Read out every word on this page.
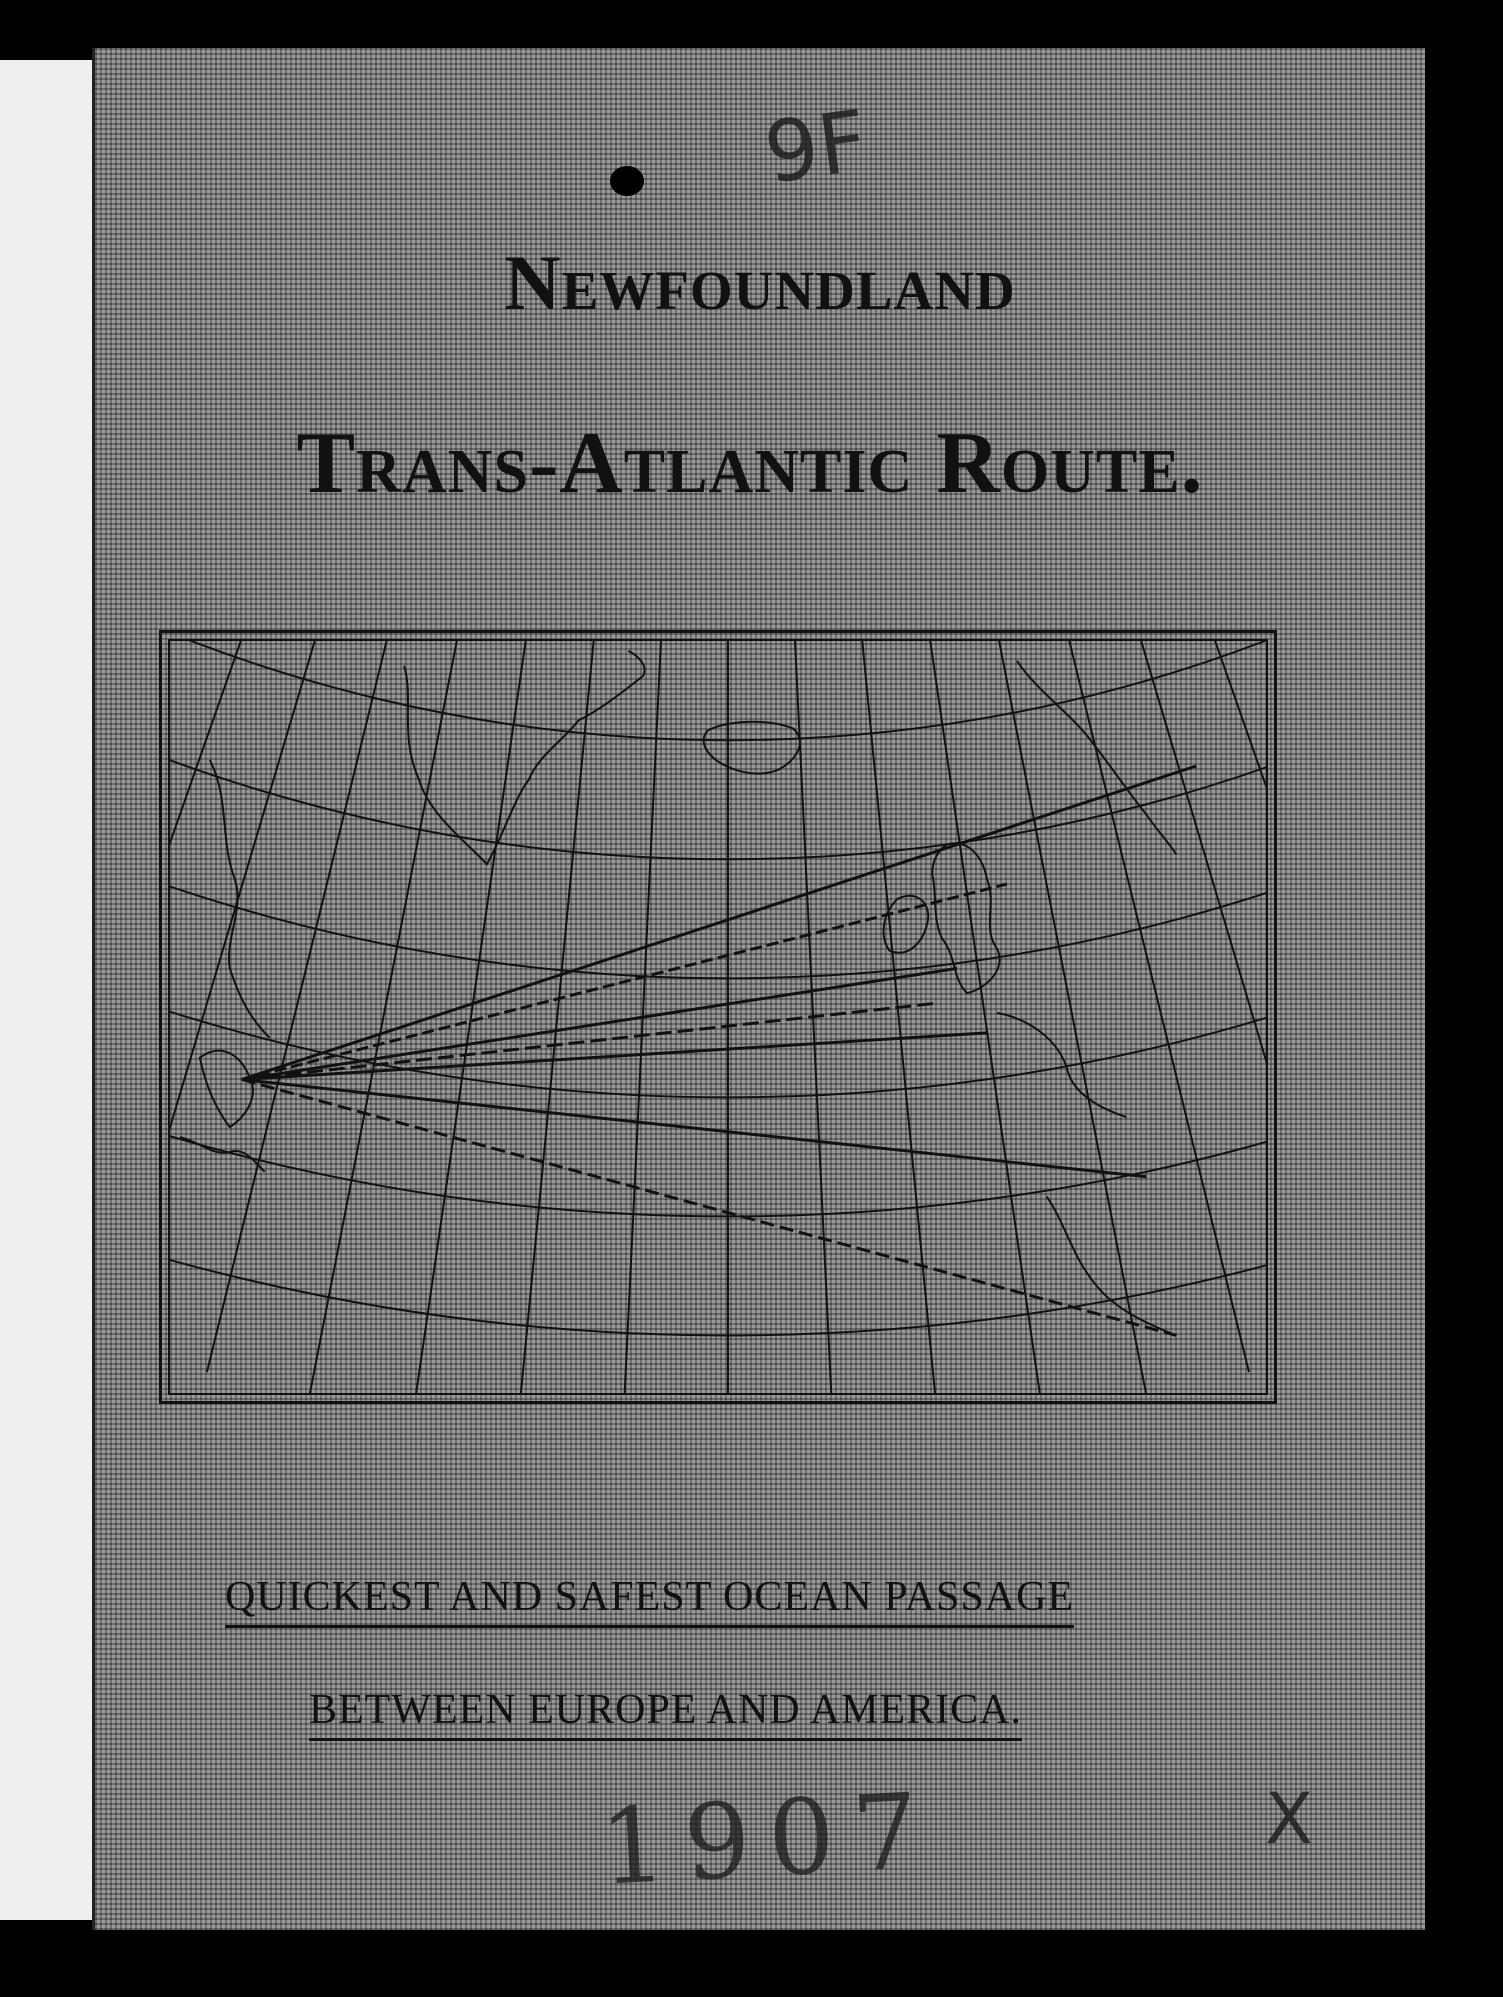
9F
Newfoundland
Trans-Atlantic Route.
QUICKEST AND SAFEST OCEAN PASSAGE
BETWEEN EUROPE AND AMERICA.
1907	X
